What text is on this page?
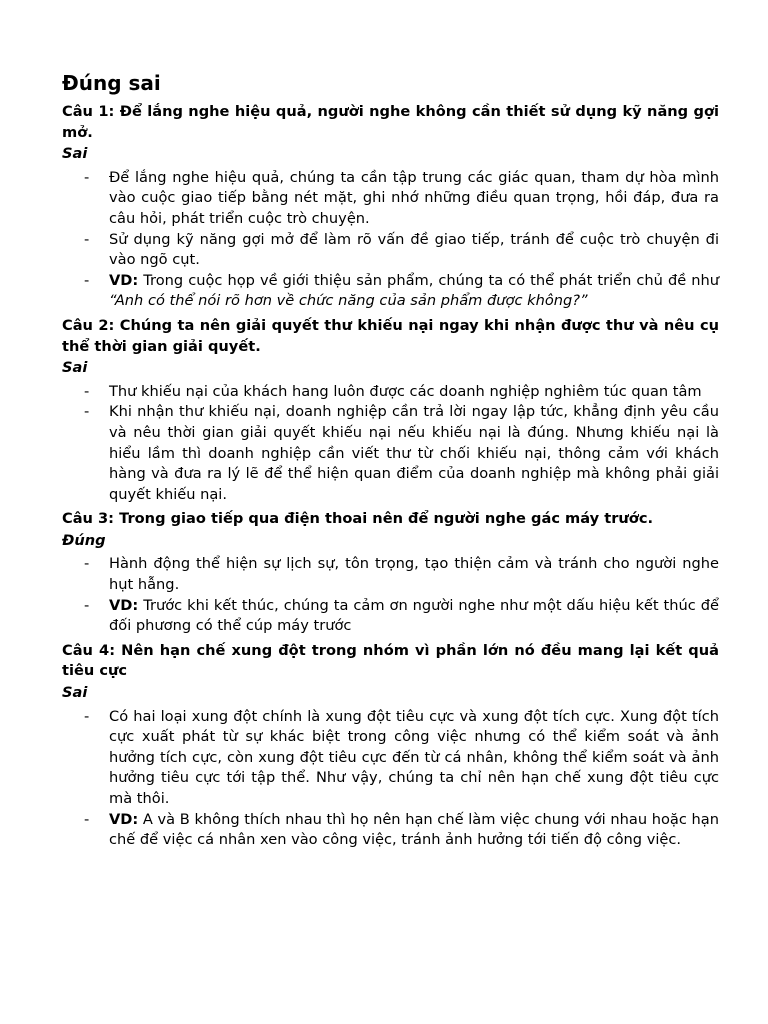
Đúng sai
Câu 1: Để lắng nghe hiệu quả, người nghe không cần thiết sử dụng kỹ năng gợi mở.
Sai
- Để lắng nghe hiệu quả, chúng ta cần tập trung các giác quan, tham dự hòa mình vào cuộc giao tiếp bằng nét mặt, ghi nhớ những điều quan trọng, hồi đáp, đưa ra câu hỏi, phát triển cuộc trò chuyện.
- Sử dụng kỹ năng gợi mở để làm rõ vấn đề giao tiếp, tránh để cuộc trò chuyện đi vào ngõ cụt.
- VD: Trong cuộc họp về giới thiệu sản phẩm, chúng ta có thể phát triển chủ đề như “Anh có thể nói rõ hơn về chức năng của sản phẩm được không?”
Câu 2: Chúng ta nên giải quyết thư khiếu nại ngay khi nhận được thư và nêu cụ thể thời gian giải quyết.
Sai
- Thư khiếu nại của khách hang luôn được các doanh nghiệp nghiêm túc quan tâm
- Khi nhận thư khiếu nại, doanh nghiệp cần trả lời ngay lập tức, khẳng định yêu cầu và nêu thời gian giải quyết khiếu nại nếu khiếu nại là đúng. Nhưng khiếu nại là hiểu lầm thì doanh nghiệp cần viết thư từ chối khiếu nại, thông cảm với khách hàng và đưa ra lý lẽ để thể hiện quan điểm của doanh nghiệp mà không phải giải quyết khiếu nại.
Câu 3: Trong giao tiếp qua điện thoai nên để người nghe gác máy trước.
Đúng
- Hành động thể hiện sự lịch sự, tôn trọng, tạo thiện cảm và tránh cho người nghe hụt hẫng.
- VD: Trước khi kết thúc, chúng ta cảm ơn người nghe như một dấu hiệu kết thúc để đối phương có thể cúp máy trước
Câu 4: Nên hạn chế xung đột trong nhóm vì phần lớn nó đều mang lại kết quả tiêu cực
Sai
- Có hai loại xung đột chính là xung đột tiêu cực và xung đột tích cực. Xung đột tích cực xuất phát từ sự khác biệt trong công việc nhưng có thể kiểm soát và ảnh hưởng tích cực, còn xung đột tiêu cực đến từ cá nhân, không thể kiểm soát và ảnh hưởng tiêu cực tới tập thể. Như vậy, chúng ta chỉ nên hạn chế xung đột tiêu cực mà thôi.
- VD: A và B không thích nhau thì họ nên hạn chế làm việc chung với nhau hoặc hạn chế để việc cá nhân xen vào công việc, tránh ảnh hưởng tới tiến độ công việc.
